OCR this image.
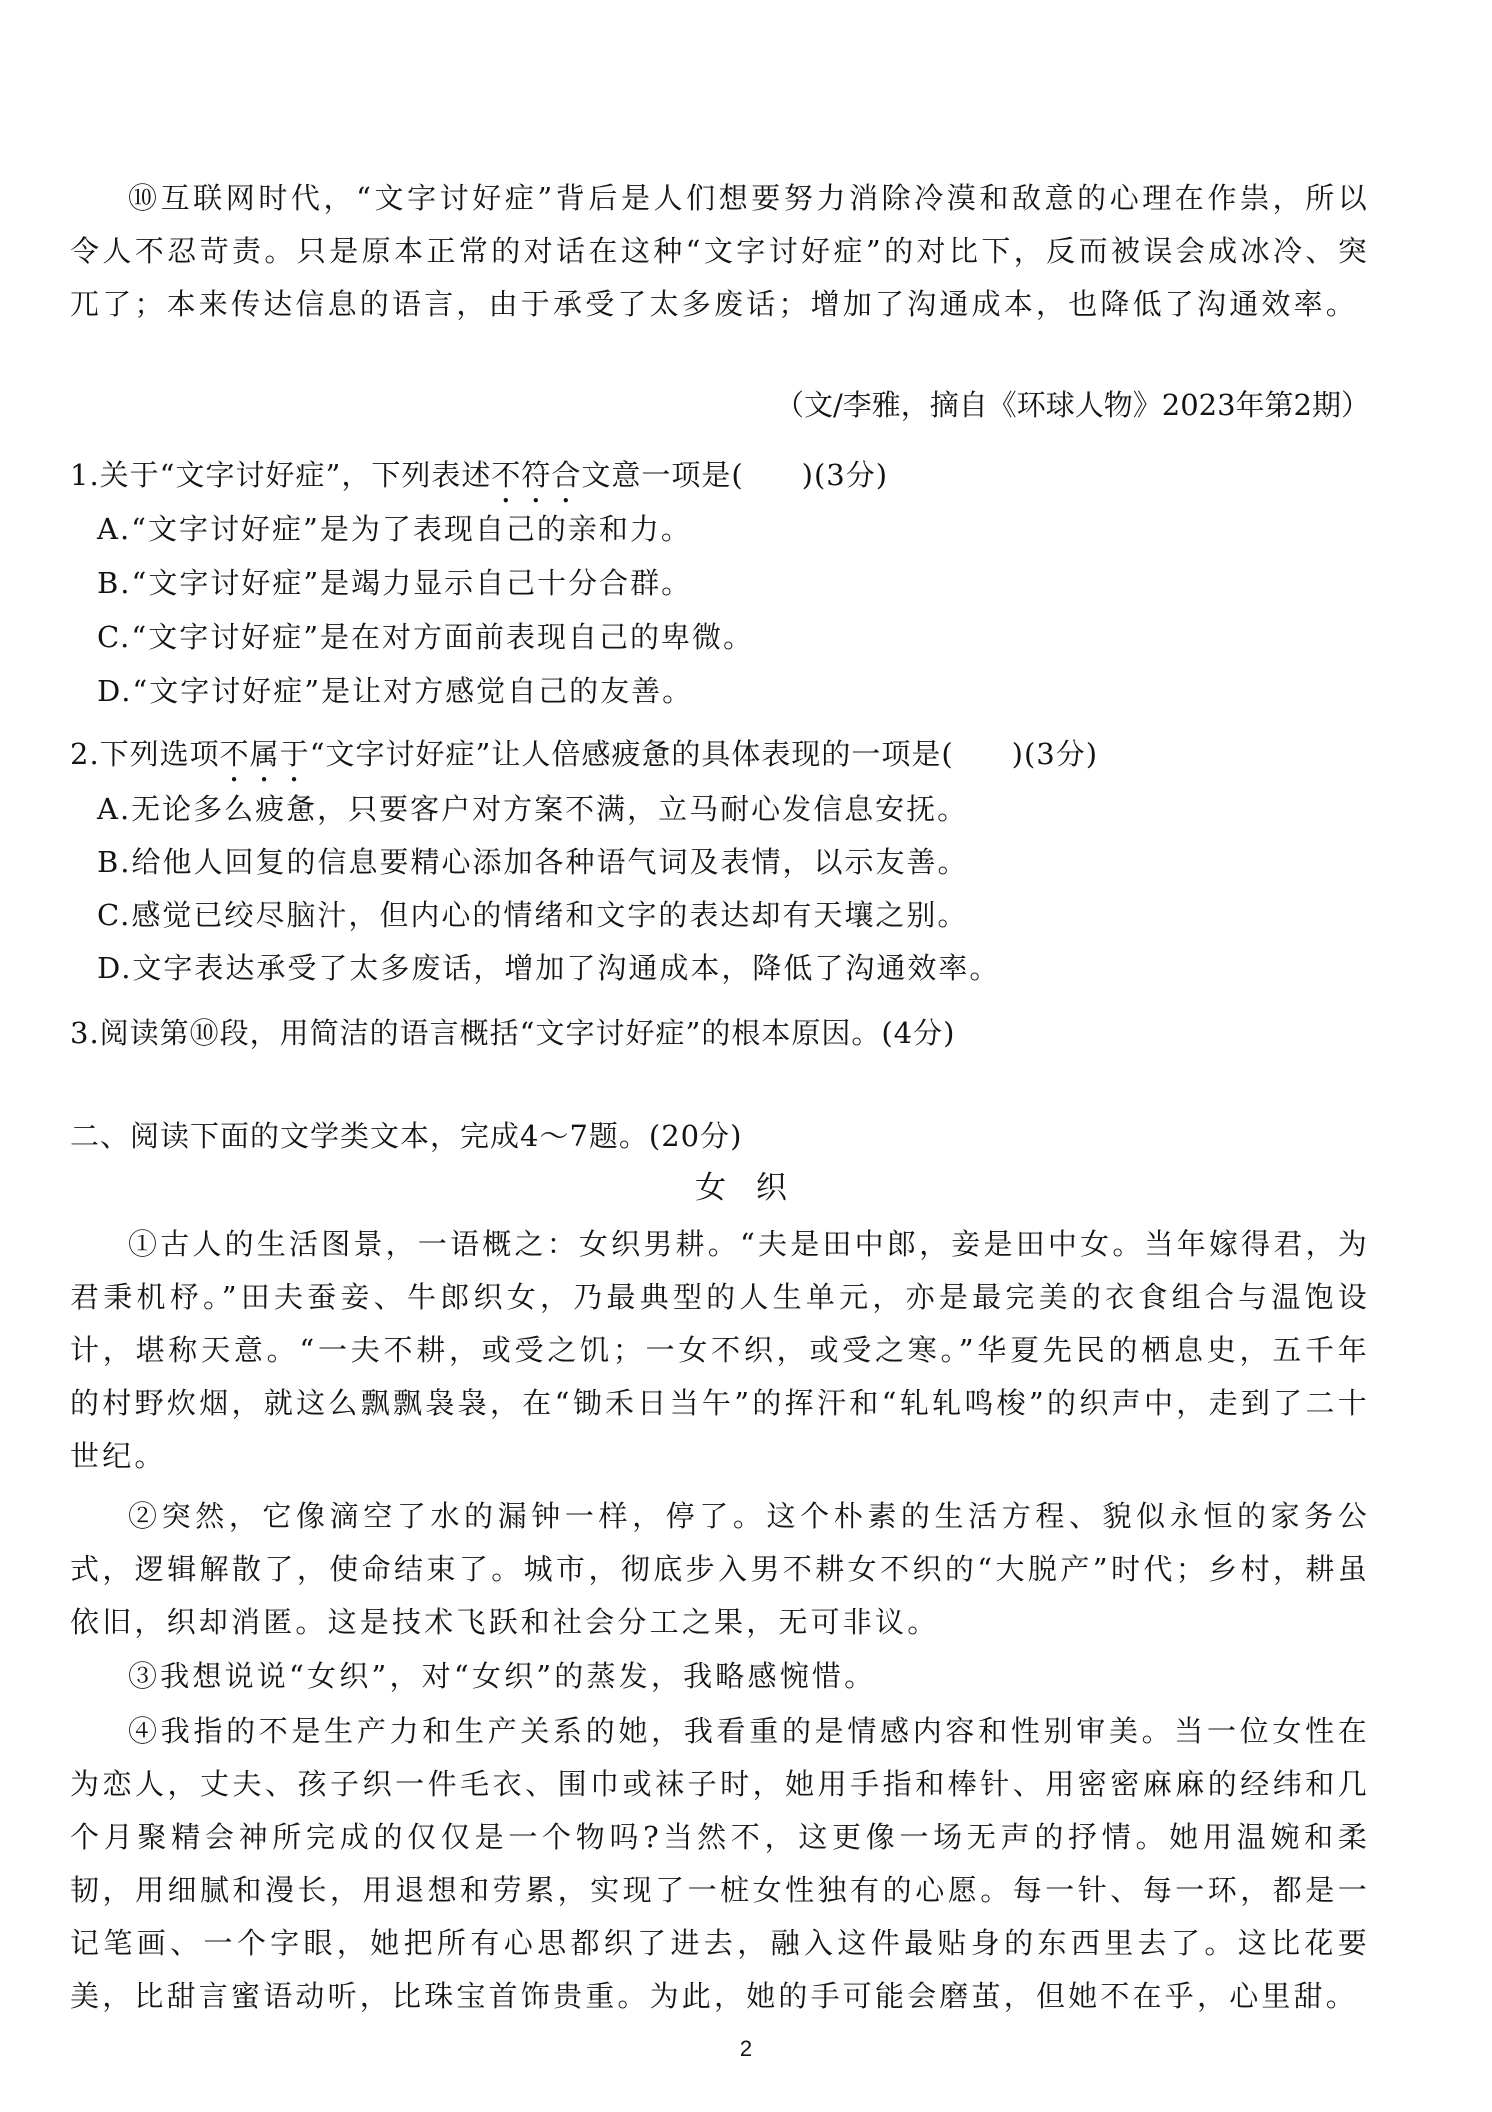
⑩互联网时代，“文字讨好症”背后是人们想要努力消除冷漠和敌意的心理在作祟，所以令人不忍苛责。只是原本正常的对话在这种“文字讨好症”的对比下，反而被误会成冰冷、突兀了；本来传达信息的语言，由于承受了太多废话；增加了沟通成本，也降低了沟通效率。

（文/李雅，摘自《环球人物》2023年第2期）
1.关于“文字讨好症”，下列表述不符合文意一项是( )(3分)
A.“文字讨好症”是为了表现自己的亲和力。
B.“文字讨好症”是竭力显示自己十分合群。
C.“文字讨好症”是在对方面前表现自己的卑微。
D.“文字讨好症”是让对方感觉自己的友善。
2.下列选项不属于“文字讨好症”让人倍感疲惫的具体表现的一项是( )(3分)
A.无论多么疲惫，只要客户对方案不满，立马耐心发信息安抚。
B.给他人回复的信息要精心添加各种语气词及表情，以示友善。
C.感觉已绞尽脑汁，但内心的情绪和文字的表达却有天壤之别。
D.文字表达承受了太多废话，增加了沟通成本，降低了沟通效率。
3.阅读第⑩段，用简洁的语言概括“文字讨好症”的根本原因。(4分)
二、阅读下面的文学类文本，完成4～7题。(20分)
女 织

①古人的生活图景，一语概之：女织男耕。“夫是田中郎，妾是田中女。当年嫁得君，为君秉机杼。”田夫蚕妾、牛郎织女，乃最典型的人生单元，亦是最完美的衣食组合与温饱设计，堪称天意。“一夫不耕，或受之饥；一女不织，或受之寒。”华夏先民的栖息史，五千年的村野炊烟，就这么飘飘袅袅，在“锄禾日当午”的挥汗和“轧轧鸣梭”的织声中，走到了二十世纪。

②突然，它像滴空了水的漏钟一样，停了。这个朴素的生活方程、貌似永恒的家务公式，逻辑解散了，使命结束了。城市，彻底步入男不耕女不织的“大脱产”时代；乡村，耕虽依旧，织却消匿。这是技术飞跃和社会分工之果，无可非议。

③我想说说“女织”，对“女织”的蒸发，我略感惋惜。

④我指的不是生产力和生产关系的她，我看重的是情感内容和性别审美。当一位女性在为恋人，丈夫、孩子织一件毛衣、围巾或袜子时，她用手指和棒针、用密密麻麻的经纬和几个月聚精会神所完成的仅仅是一个物吗?当然不，这更像一场无声的抒情。她用温婉和柔韧，用细腻和漫长，用退想和劳累，实现了一桩女性独有的心愿。每一针、每一环，都是一记笔画、一个字眼，她把所有心思都织了进去，融入这件最贴身的东西里去了。这比花要美，比甜言蜜语动听，比珠宝首饰贵重。为此，她的手可能会磨茧，但她不在乎，心里甜。

2
